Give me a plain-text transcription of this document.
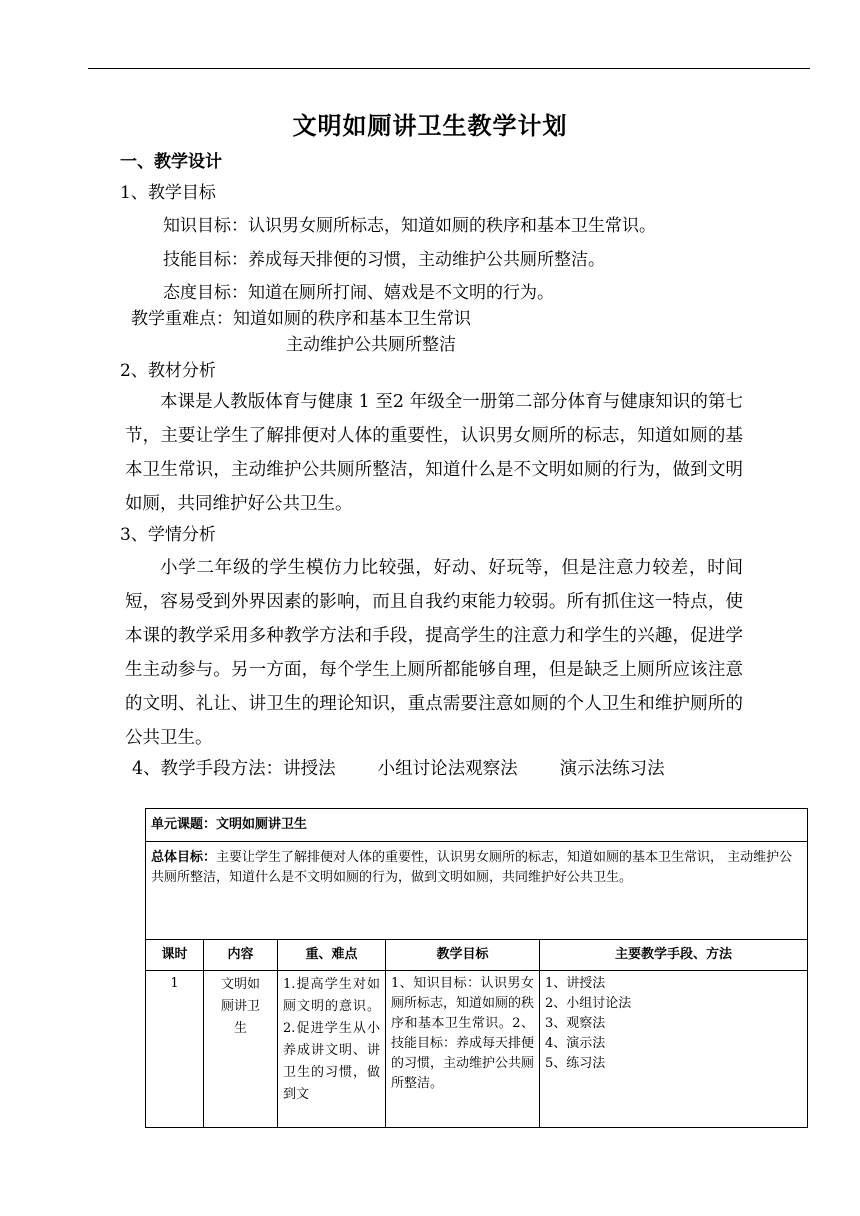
文明如厕讲卫生教学计划
一、教学设计
1、教学目标
知识目标：认识男女厕所标志，知道如厕的秩序和基本卫生常识。
技能目标：养成每天排便的习惯，主动维护公共厕所整洁。
态度目标：知道在厕所打闹、嬉戏是不文明的行为。
教学重难点：知道如厕的秩序和基本卫生常识
主动维护公共厕所整洁
2、教材分析
本课是人教版体育与健康 1 至2 年级全一册第二部分体育与健康知识的第七节，主要让学生了解排便对人体的重要性，认识男女厕所的标志，知道如厕的基本卫生常识，主动维护公共厕所整洁，知道什么是不文明如厕的行为，做到文明如厕，共同维护好公共卫生。
3、学情分析
小学二年级的学生模仿力比较强，好动、好玩等，但是注意力较差，时间短，容易受到外界因素的影响，而且自我约束能力较弱。所有抓住这一特点，使本课的教学采用多种教学方法和手段，提高学生的注意力和学生的兴趣，促进学生主动参与。另一方面，每个学生上厕所都能够自理，但是缺乏上厕所应该注意的文明、礼让、讲卫生的理论知识，重点需要注意如厕的个人卫生和维护厕所的公共卫生。
4、教学手段方法：讲授法 小组讨论法观察法 演示法练习法
单元课题：文明如厕讲卫生				
总体目标：主要让学生了解排便对人体的重要性，认识男女厕所的标志，知道如厕的基本卫生常识， 主动维护公共厕所整洁，知道什么是不文明如厕的行为，做到文明如厕，共同维护好公共卫生。				
课时	内容	重、难点	教学目标	主要教学手段、方法
1	文明如厕讲卫生	1.提高学生对如厕文明的意识。2.促进学生从小养成讲文明、讲卫生的习惯，做到文	1、知识目标：认识男女厕所标志，知道如厕的秩序和基本卫生常识。2、技能目标：养成每天排便的习惯，主动维护公共厕所整洁。	1、讲授法
2、小组讨论法
3、观察法
4、演示法
5、练习法
